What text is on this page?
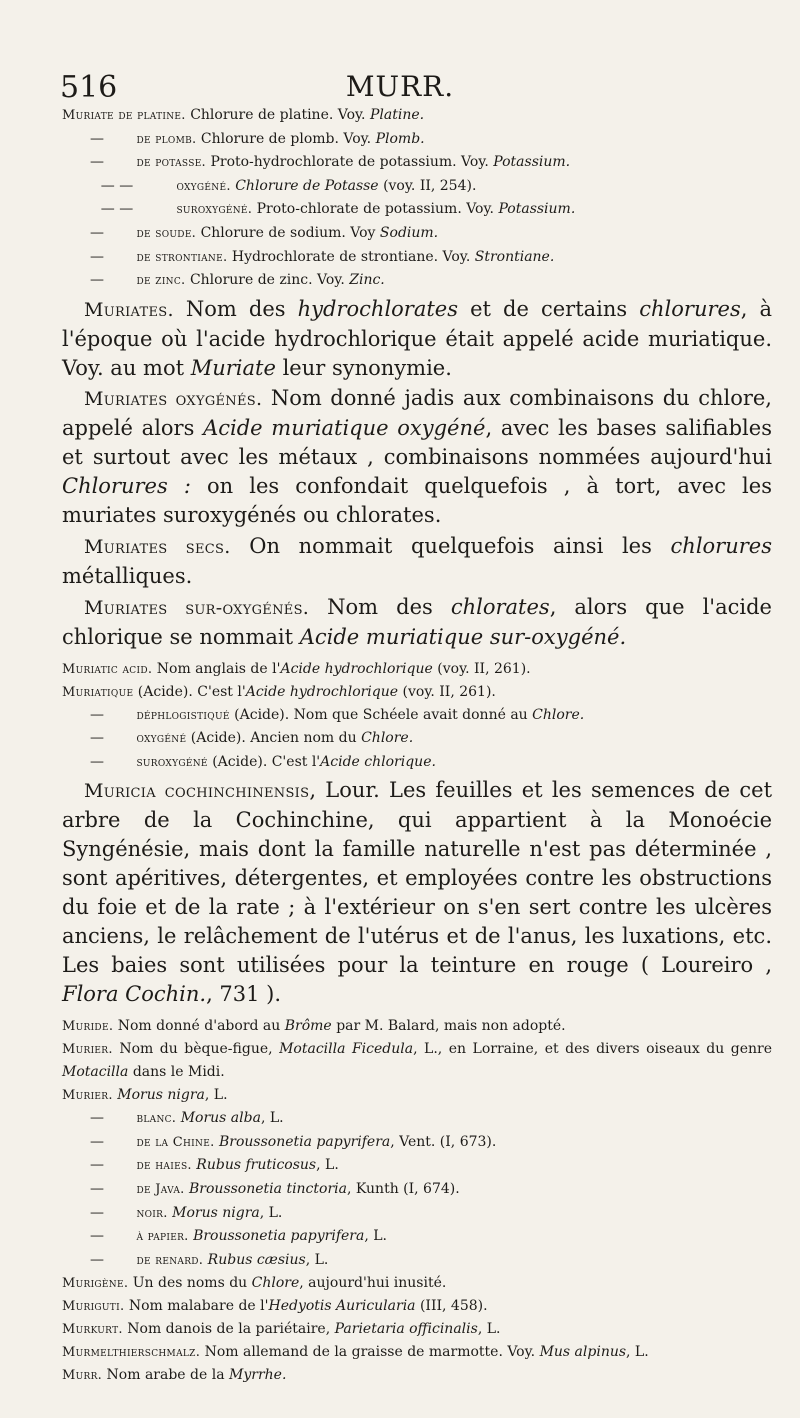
516	MURR.
Muriate de platine. Chlorure de platine. Voy. Platine.
— de plomb. Chlorure de plomb. Voy. Plomb.
— de potasse. Proto-hydrochlorate de potassium. Voy. Potassium.
— —	oxygéné. Chlorure de Potasse (voy. II, 254).
— —	suroxygéné. Proto-chlorate de potassium. Voy. Potassium.
— de soude. Chlorure de sodium. Voy Sodium.
— de strontiane. Hydrochlorate de strontiane. Voy. Strontiane.
— de zinc. Chlorure de zinc. Voy. Zinc.

Muriates. Nom des hydrochlorates et de certains chlorures, à l'époque où l'acide hydrochlorique était appelé acide muriatique. Voy. au mot Muriate leur synonymie.

Muriates oxygénés. Nom donné jadis aux combinaisons du chlore, appelé alors Acide muriatique oxygéné, avec les bases salifiables et surtout avec les métaux , combinaisons nommées aujourd'hui Chlorures : on les confondait quelquefois , à tort, avec les muriates suroxygénés ou chlorates.

Muriates secs. On nommait quelquefois ainsi les chlorures métalliques.

Muriates sur-oxygénés. Nom des chlorates, alors que l'acide chlorique se nommait Acide muriatique sur-oxygéné.

Muriatic acid. Nom anglais de l'Acide hydrochlorique (voy. II, 261).

Muriatique (Acide). C'est l'Acide hydrochlorique (voy. II, 261).

— déphlogistiqué (Acide). Nom que Schéele avait donné au Chlore.
— oxygéné (Acide). Ancien nom du Chlore.
— suroxygéné (Acide). C'est l'Acide chlorique.

Muricia cochinchinensis, Lour. Les feuilles et les semences de cet arbre de la Cochinchine, qui appartient à la Monoécie Syngénésie, mais dont la famille naturelle n'est pas déterminée , sont apéritives, détergentes, et employées contre les obstructions du foie et de la rate ; à l'extérieur on s'en sert contre les ulcères anciens, le relâchement de l'utérus et de l'anus, les luxations, etc. Les baies sont utilisées pour la teinture en rouge ( Loureiro , Flora Cochin., 731 ).

Muride. Nom donné d'abord au Brôme par M. Balard, mais non adopté.

Murier. Nom du bèque-figue, Motacilla Ficedula, L., en Lorraine, et des divers oiseaux du genre Motacilla dans le Midi.

Murier. Morus nigra, L.
— blanc. Morus alba, L.
— de la Chine. Broussonetia papyrifera, Vent. (I, 673).
— de haies. Rubus fruticosus, L.
— de Java. Broussonetia tinctoria, Kunth (I, 674).
— noir. Morus nigra, L.
— à papier. Broussonetia papyrifera, L.
— de renard. Rubus cæsius, L.

Murigène. Un des noms du Chlore, aujourd'hui inusité.

Muriguti. Nom malabare de l'Hedyotis Auricularia (III, 458).

Murkurt. Nom danois de la pariétaire, Parietaria officinalis, L.

Murmelthierschmalz. Nom allemand de la graisse de marmotte. Voy. Mus alpinus, L.

Murr. Nom arabe de la Myrrhe.
